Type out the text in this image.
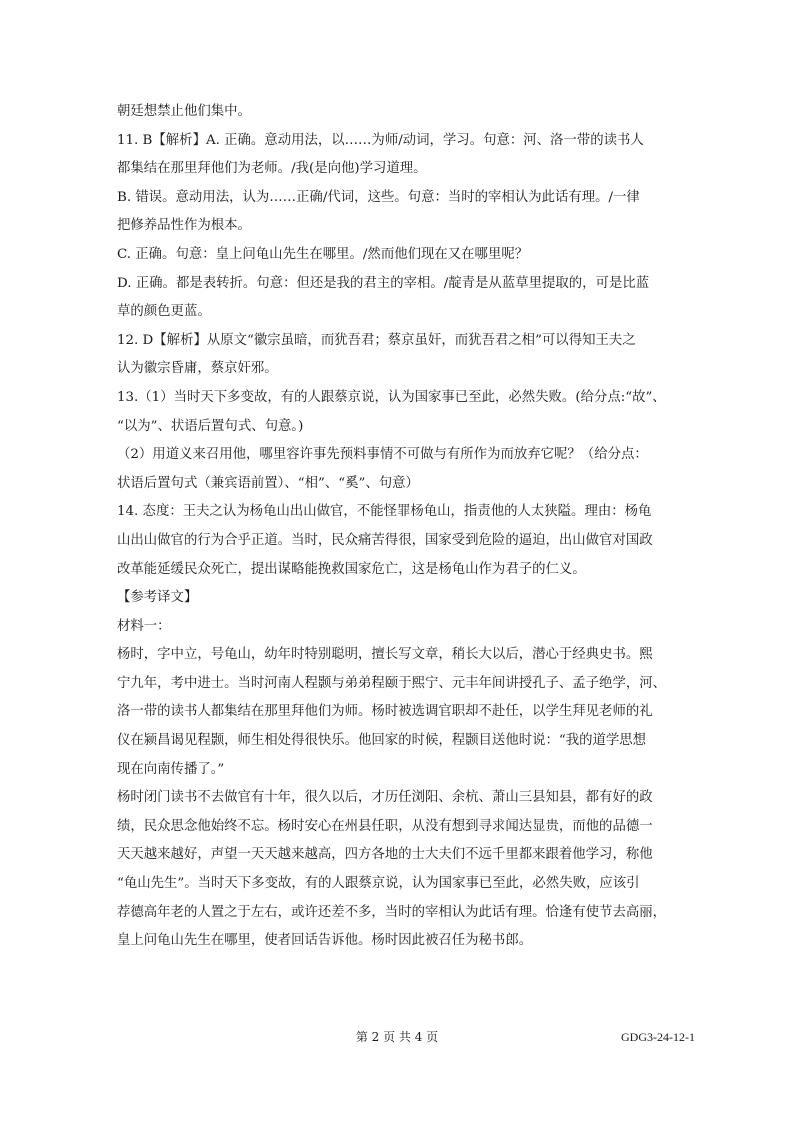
朝廷想禁止他们集中。

11. B【解析】A. 正确。意动用法，以……为师/动词，学习。句意：河、洛一带的读书人

都集结在那里拜他们为老师。/我(是向他)学习道理。

B. 错误。意动用法，认为……正确/代词，这些。句意：当时的宰相认为此话有理。/一律

把修养品性作为根本。

C. 正确。句意：皇上问龟山先生在哪里。/然而他们现在又在哪里呢？

D. 正确。都是表转折。句意：但还是我的君主的宰相。/靛青是从蓝草里提取的，可是比蓝

草的颜色更蓝。

12. D【解析】从原文“徽宗虽暗，而犹吾君；蔡京虽奸，而犹吾君之相”可以得知王夫之

认为徽宗昏庸，蔡京奸邪。

13.（1）当时天下多变故，有的人跟蔡京说，认为国家事已至此，必然失败。(给分点:“故”、

“以为”、状语后置句式、句意。)

（2）用道义来召用他，哪里容许事先预料事情不可做与有所作为而放弃它呢？（给分点：

状语后置句式（兼宾语前置）、“相”、“奚”、句意）

14. 态度：王夫之认为杨龟山出山做官，不能怪罪杨龟山，指责他的人太狭隘。理由：杨龟

山出山做官的行为合乎正道。当时，民众痛苦得很，国家受到危险的逼迫，出山做官对国政

改革能延缓民众死亡，提出谋略能挽救国家危亡，这是杨龟山作为君子的仁义。

【参考译文】

材料一：

杨时，字中立，号龟山，幼年时特别聪明，擅长写文章，稍长大以后，潜心于经典史书。熙

宁九年，考中进士。当时河南人程颢与弟弟程颐于熙宁、元丰年间讲授孔子、孟子绝学，河、

洛一带的读书人都集结在那里拜他们为师。杨时被选调官职却不赴任，以学生拜见老师的礼

仪在颍昌谒见程颢，师生相处得很快乐。他回家的时候，程颢目送他时说：“我的道学思想

现在向南传播了。”

杨时闭门读书不去做官有十年，很久以后，才历任浏阳、余杭、萧山三县知县，都有好的政

绩，民众思念他始终不忘。杨时安心在州县任职，从没有想到寻求闻达显贵，而他的品德一

天天越来越好，声望一天天越来越高，四方各地的士大夫们不远千里都来跟着他学习，称他

“龟山先生”。当时天下多变故，有的人跟蔡京说，认为国家事已至此，必然失败，应该引

荐德高年老的人置之于左右，或许还差不多，当时的宰相认为此话有理。恰逢有使节去高丽，

皇上问龟山先生在哪里，使者回话告诉他。杨时因此被召任为秘书郎。

第 2 页 共 4 页	GDG3-24-12-1
